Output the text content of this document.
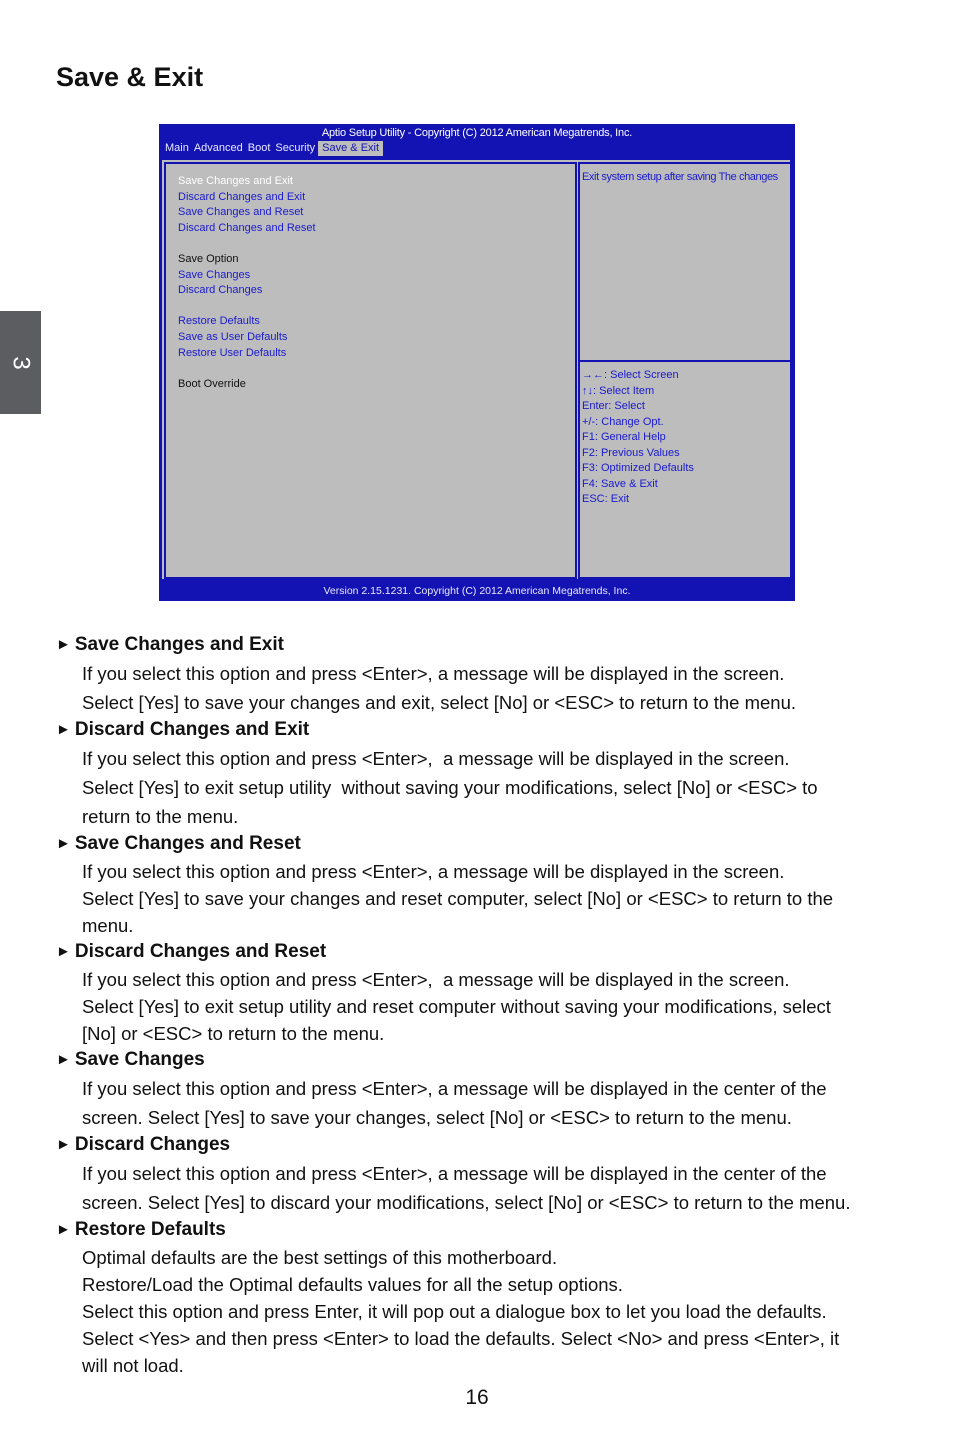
Save & Exit
3
Aptio Setup Utility - Copyright (C) 2012 American Megatrends, Inc.
Main Advanced Boot Security Save & Exit
Save Changes and Exit
Discard Changes and Exit
Save Changes and Reset
Discard Changes and Reset
Save Option
Save Changes
Discard Changes
Restore Defaults
Save as User Defaults
Restore User Defaults
Boot Override
Exit system setup after saving The changes
→←: Select Screen
↑↓: Select Item
Enter: Select
+/-: Change Opt.
F1: General Help
F2: Previous Values
F3: Optimized Defaults
F4: Save & Exit
ESC: Exit
Version 2.15.1231. Copyright (C) 2012 American Megatrends, Inc.
► Save Changes and Exit

If you select this option and press <Enter>, a message will be displayed in the screen.
Select [Yes] to save your changes and exit, select [No] or <ESC> to return to the menu.

► Discard Changes and Exit

If you select this option and press <Enter>,  a message will be displayed in the screen.
Select [Yes] to exit setup utility  without saving your modifications, select [No] or <ESC> to
return to the menu.

► Save Changes and Reset

If you select this option and press <Enter>, a message will be displayed in the screen.
Select [Yes] to save your changes and reset computer, select [No] or <ESC> to return to the
menu.

► Discard Changes and Reset

If you select this option and press <Enter>,  a message will be displayed in the screen.
Select [Yes] to exit setup utility and reset computer without saving your modifications, select
[No] or <ESC> to return to the menu.

► Save Changes

If you select this option and press <Enter>, a message will be displayed in the center of the
screen. Select [Yes] to save your changes, select [No] or <ESC> to return to the menu.

► Discard Changes

If you select this option and press <Enter>, a message will be displayed in the center of the
screen. Select [Yes] to discard your modifications, select [No] or <ESC> to return to the menu.

► Restore Defaults

Optimal defaults are the best settings of this motherboard.
Restore/Load the Optimal defaults values for all the setup options.
Select this option and press Enter, it will pop out a dialogue box to let you load the defaults.
Select <Yes> and then press <Enter> to load the defaults. Select <No> and press <Enter>, it
will not load.

16
